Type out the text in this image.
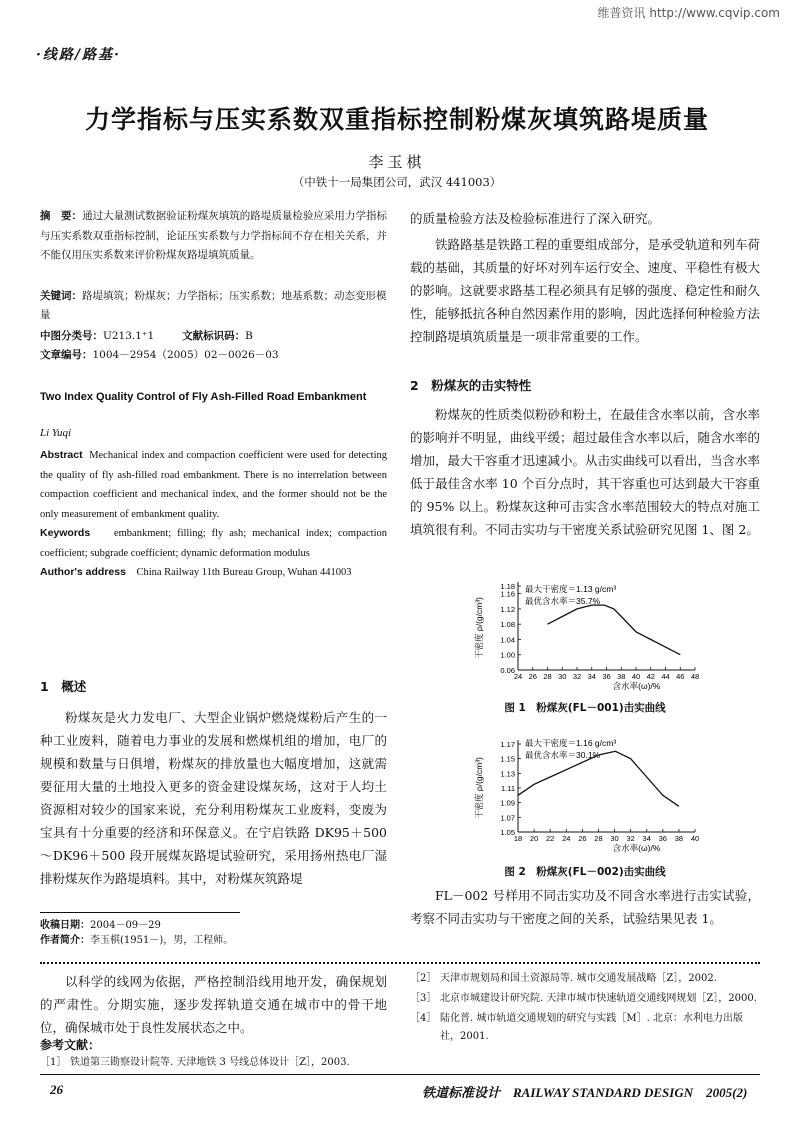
维普资讯 http://www.cqvip.com
·线路/路基·
力学指标与压实系数双重指标控制粉煤灰填筑路堤质量
李玉棋
（中铁十一局集团公司，武汉 441003）
摘　要：通过大量测试数据验证粉煤灰填筑的路堤质量检验应采用力学指标与压实系数双重指标控制，论证压实系数与力学指标间不存在相关关系，并不能仅用压实系数来评价粉煤灰路堤填筑质量。
关键词：路堤填筑；粉煤灰；力学指标；压实系数；地基系数；动态变形模量
中图分类号：U213.1⁺1	文献标识码：B
文章编号：1004－2954（2005）02－0026－03
Two Index Quality Control of Fly Ash-Filled Road Embankment
Li Yuqi
Abstract Mechanical index and compaction coefficient were used for detecting the quality of fly ash-filled road embankment. There is no interrelation between compaction coefficient and mechanical index, and the former should not be the only measurement of embankment quality.
Keywords embankment; filling; fly ash; mechanical index; compaction coefficient; subgrade coefficient; dynamic deformation modulus
Author's address China Railway 11th Bureau Group, Wuhan 441003
1　概述

粉煤灰是火力发电厂、大型企业锅炉燃烧煤粉后产生的一种工业废料，随着电力事业的发展和燃煤机组的增加，电厂的规模和数量与日俱增，粉煤灰的排放量也大幅度增加，这就需要征用大量的土地投入更多的资金建设煤灰场，这对于人均土资源相对较少的国家来说，充分利用粉煤灰工业废料，变废为宝具有十分重要的经济和环保意义。在宁启铁路 DK95＋500～DK96＋500 段开展煤灰路堤试验研究，采用扬州热电厂湿排粉煤灰作为路堤填料。其中，对粉煤灰筑路堤

收稿日期：2004－09－29
作者简介：李玉棋(1951－)，男，工程师。

的质量检验方法及检验标准进行了深入研究。

铁路路基是铁路工程的重要组成部分，是承受轨道和列车荷载的基础，其质量的好坏对列车运行安全、速度、平稳性有极大的影响。这就要求路基工程必须具有足够的强度、稳定性和耐久性，能够抵抗各种自然因素作用的影响，因此选择何种检验方法控制路堤填筑质量是一项非常重要的工作。

2　粉煤灰的击实特性

粉煤灰的性质类似粉砂和粉土，在最佳含水率以前，含水率的影响并不明显，曲线平缓；超过最佳含水率以后，随含水率的增加，最大干容重才迅速减小。从击实曲线可以看出，当含水率低于最佳含水率 10 个百分点时，其干容重也可达到最大干容重的 95% 以上。粉煤灰这种可击实含水率范围较大的特点对施工填筑很有利。不同击实功与干密度关系试验研究见图 1、图 2。

24 26 28 30 32 34 36 38 40 42 44 46 48
0.06
1.00
1.04
1.08
1.12
1.16
1.18
含水率(ω)/%
干密度 ρ/(g/cm³)
最大干密度＝1.13 g/cm³
最优含水率＝35.7%
图 1　粉煤灰(FL－001)击实曲线
18 20 22 24 26 28 30 32 34 36 38 40
1.05
1.07
1.09
1.11
1.13
1.15
1.17
含水率(ω)/%
干密度 ρ/(g/cm³)
最大干密度＝1.16 g/cm³
最优含水率＝30.1%
图 2　粉煤灰(FL－002)击实曲线

FL－002 号样用不同击实功及不同含水率进行击实试验，考察不同击实功与干密度之间的关系，试验结果见表 1。

以科学的线网为依据，严格控制沿线用地开发，确保规划的严肃性。分期实施，逐步发挥轨道交通在城市中的骨干地位，确保城市处于良性发展状态之中。

参考文献：
［1］ 铁道第三勘察设计院等. 天津地铁 3 号线总体设计［Z］，2003.
［2］ 天津市规划局和国土资源局等. 城市交通发展战略［Z］，2002.
［3］ 北京市城建设计研究院. 天津市城市快速轨道交通线网规划［Z］，2000.
［4］ 陆化普. 城市轨道交通规划的研究与实践［M］. 北京：水利电力出版社，2001.
26	铁道标准设计　RAILWAY STANDARD DESIGN　2005(2)
